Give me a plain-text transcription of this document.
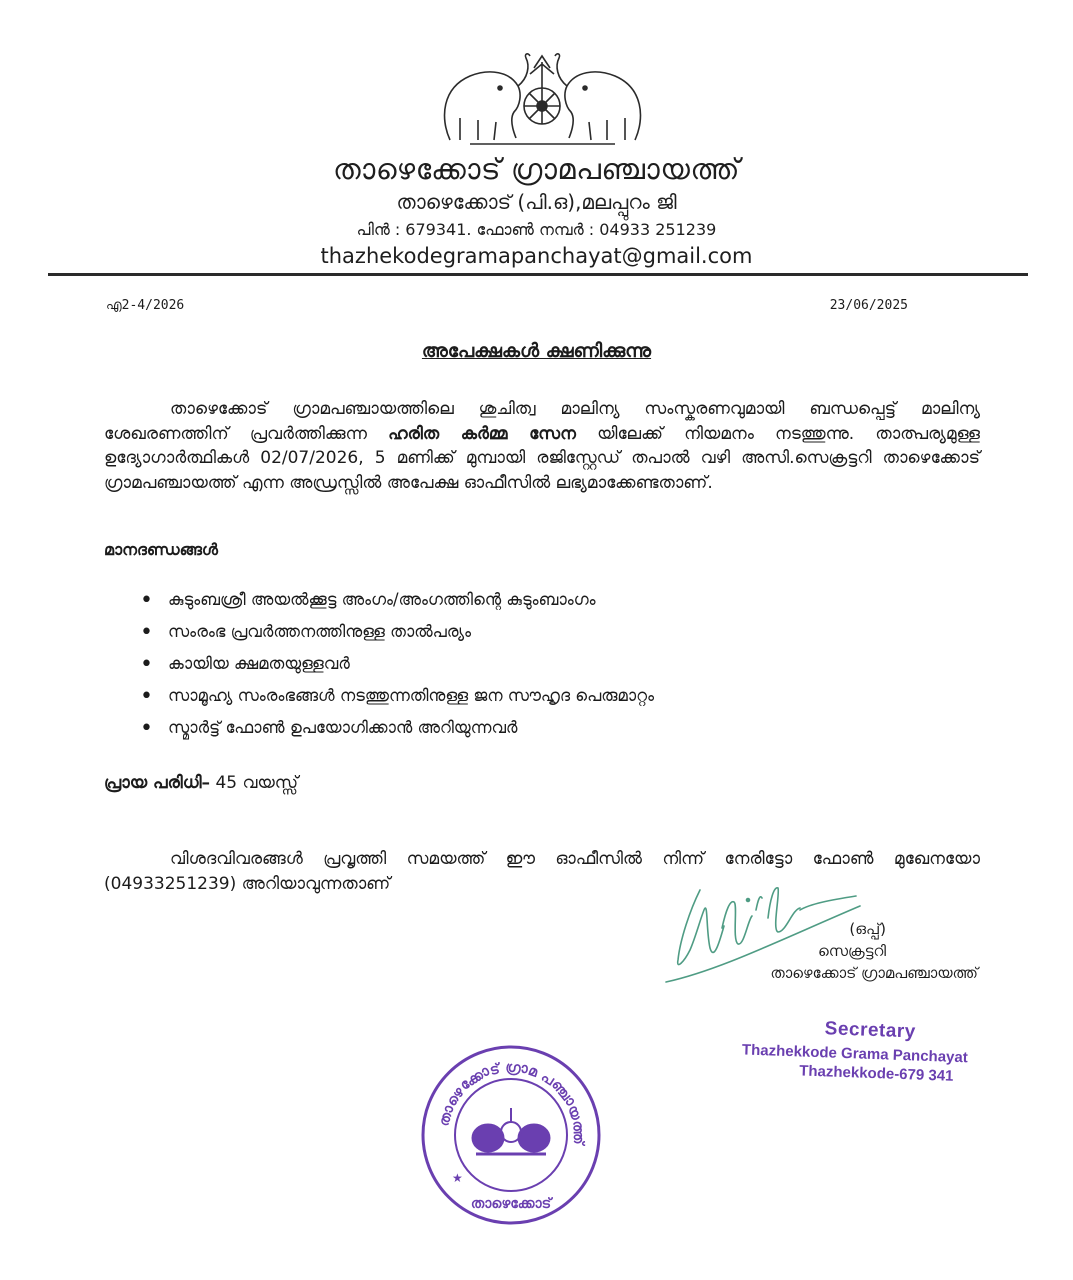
താഴെക്കോട് ഗ്രാമപഞ്ചായത്ത്
താഴെക്കോട് (പി.ഒ),മലപ്പുറം ജി
പിൻ : 679341. ഫോൺ നമ്പർ : 04933 251239
thazhekodegramapanchayat@gmail.com
എ2-4/2026	23/06/2025
അപേക്ഷകൾ ക്ഷണിക്കുന്നു
താഴെക്കോട് ഗ്രാമപഞ്ചായത്തിലെ ശുചിത്വ മാലിന്യ സംസ്കരണവുമായി ബന്ധപ്പെട്ട് മാലിന്യ ശേഖരണത്തിന് പ്രവർത്തിക്കുന്ന ഹരിത കർമ്മ സേന യിലേക്ക് നിയമനം നടത്തുന്നു. താത്പര്യമുള്ള ഉദ്യോഗാർത്ഥികൾ 02/07/2026, 5 മണിക്ക് മുമ്പായി രജിസ്റ്റേഡ് തപാൽ വഴി അസി.സെക്രട്ടറി താഴെക്കോട് ഗ്രാമപഞ്ചായത്ത് എന്ന അഡ്രസ്സിൽ അപേക്ഷ ഓഫീസിൽ ലഭ്യമാക്കേണ്ടതാണ്.
മാനദണ്ഡങ്ങൾ
• കുടുംബശ്രീ അയൽക്കൂട്ട അംഗം/അംഗത്തിന്റെ കുടുംബാംഗം
• സംരംഭ പ്രവർത്തനത്തിനുള്ള താൽപര്യം
• കായിയ ക്ഷമതയുള്ളവർ
• സാമൂഹ്യ സംരംഭങ്ങൾ നടത്തുന്നതിനുള്ള ജന സൗഹൃദ പെരുമാറ്റം
• സ്മാർട്ട് ഫോൺ ഉപയോഗിക്കാൻ അറിയുന്നവർ
പ്രായ പരിധി– 45 വയസ്സ്
വിശദവിവരങ്ങൾ പ്രവൃത്തി സമയത്ത് ഈ ഓഫീസിൽ നിന്ന് നേരിട്ടോ ഫോൺ മുഖേനയോ (04933251239) അറിയാവുന്നതാണ്
(ഒപ്പ്)
സെക്രട്ടറി
താഴെക്കോട് ഗ്രാമപഞ്ചായത്ത്
Secretary
Thazhekkode Grama Panchayat
Thazhekkode-679 341
താഴെക്കോട് ഗ്രാമ പഞ്ചായത്ത്
★
താഴെക്കോട്
